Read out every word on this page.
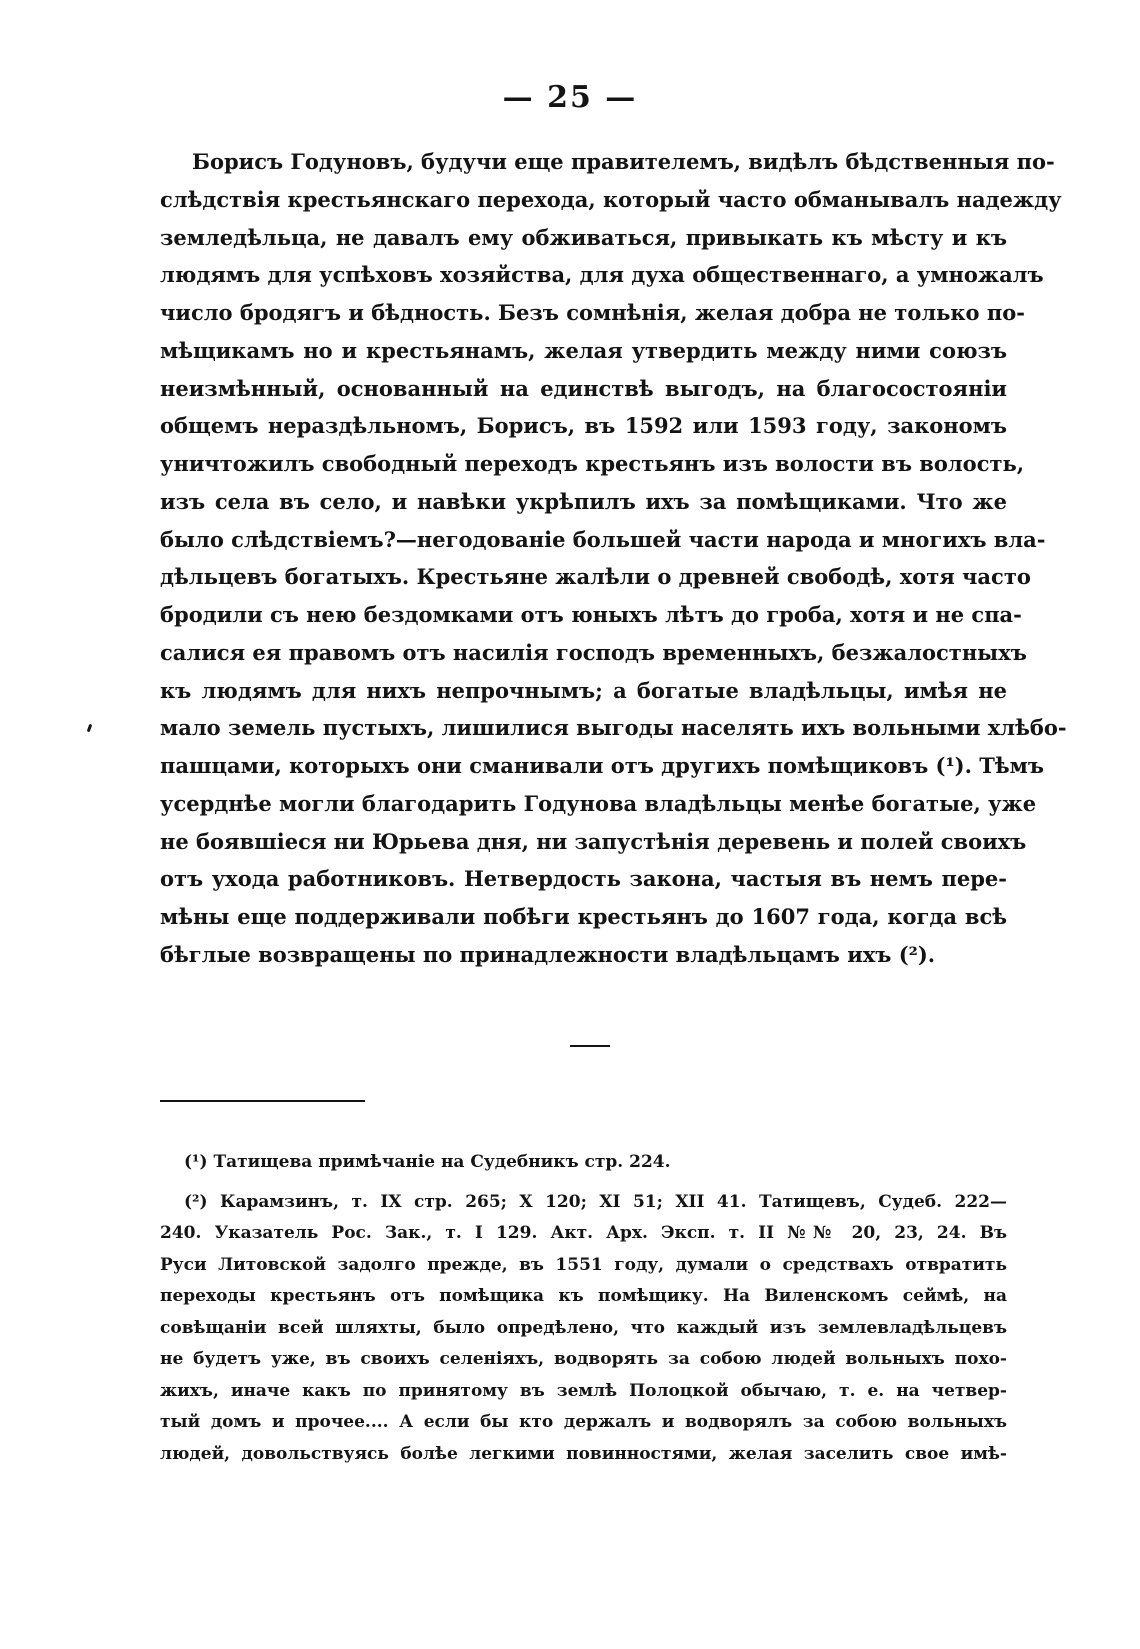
— 25 —
Борисъ Годуновъ, будучи еще правителемъ, видѣлъ бѣдственныя по-
слѣдствія крестьянскаго перехода, который часто обманывалъ надежду
земледѣльца, не давалъ ему обживаться, привыкать къ мѣсту и къ
людямъ для успѣховъ хозяйства, для духа общественнаго, а умножалъ
число бродягъ и бѣдность. Безъ сомнѣнія, желая добра не только по-
мѣщикамъ но и крестьянамъ, желая утвердить между ними союзъ
неизмѣнный, основанный на единствѣ выгодъ, на благосостояніи
общемъ нераздѣльномъ, Борисъ, въ 1592 или 1593 году, закономъ
уничтожилъ свободный переходъ крестьянъ изъ волости въ волость,
изъ села въ село, и навѣки укрѣпилъ ихъ за помѣщиками. Что же
было слѣдствіемъ?—негодованіе большей части народа и многихъ вла-
дѣльцевъ богатыхъ. Крестьяне жалѣли о древней свободѣ, хотя часто
бродили съ нею бездомками отъ юныхъ лѣтъ до гроба, хотя и не спа-
салися ея правомъ отъ насилія господъ временныхъ, безжалостныхъ
къ людямъ для нихъ непрочнымъ; а богатые владѣльцы, имѣя не
мало земель пустыхъ, лишилися выгоды населять ихъ вольными хлѣбо-
пашцами, которыхъ они сманивали отъ другихъ помѣщиковъ (¹). Тѣмъ
усерднѣе могли благодарить Годунова владѣльцы менѣе богатые, уже
не боявшіеся ни Юрьева дня, ни запустѣнія деревень и полей своихъ
отъ ухода работниковъ. Нетвердость закона, частыя въ немъ пере-
мѣны еще поддерживали побѣги крестьянъ до 1607 года, когда всѣ
бѣглые возвращены по принадлежности владѣльцамъ ихъ (²).
(¹) Татищева примѣчаніе на Судебникъ стр. 224.
(²) Карамзинъ, т. IX стр. 265; X 120; XI 51; XII 41. Татищевъ, Судеб. 222—
240. Указатель Рос. Зак., т. I 129. Акт. Арх. Эксп. т. II №№ 20, 23, 24. Въ
Руси Литовской задолго прежде, въ 1551 году, думали о средствахъ отвратить
переходы крестьянъ отъ помѣщика къ помѣщику. На Виленскомъ сеймѣ, на
совѣщаніи всей шляхты, было опредѣлено, что каждый изъ землевладѣльцевъ
не будетъ уже, въ своихъ селеніяхъ, водворять за собою людей вольныхъ похо-
жихъ, иначе какъ по принятому въ землѣ Полоцкой обычаю, т. е. на четвер-
тый домъ и прочее.... А если бы кто держалъ и водворялъ за собою вольныхъ
людей, довольствуясь болѣе легкими повинностями, желая заселить свое имѣ-
